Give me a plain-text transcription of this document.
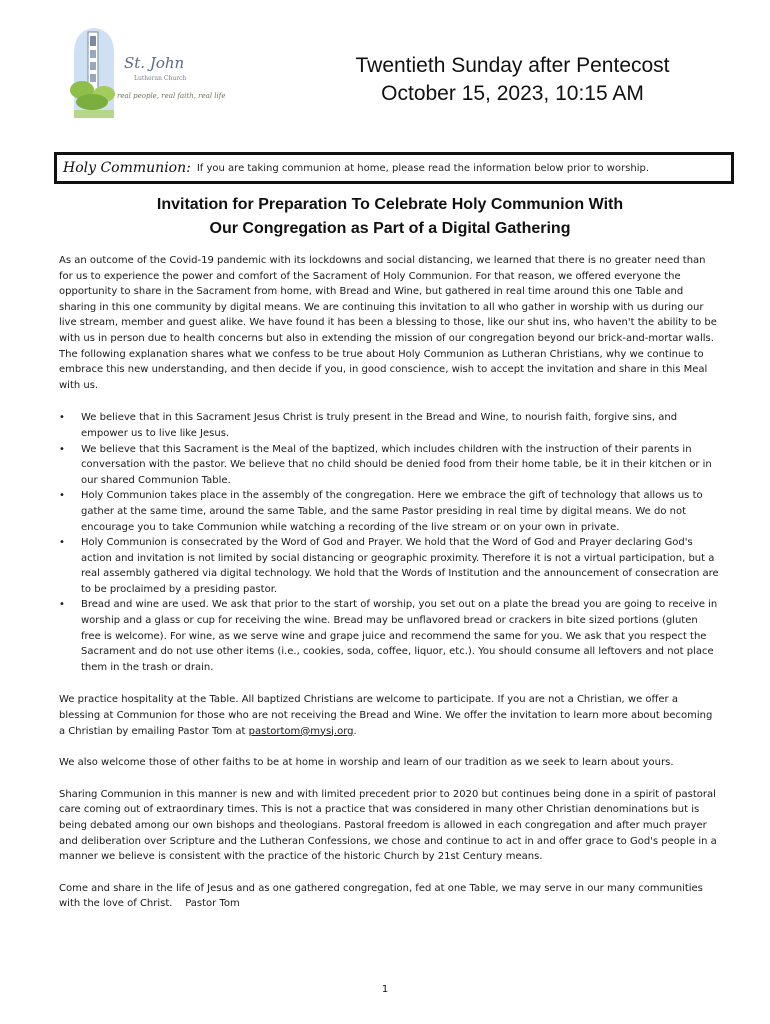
St. John
Lutheran Church
real people, real faith, real life
Twentieth Sunday after Pentecost
October 15, 2023, 10:15 AM
Holy Communion: If you are taking communion at home, please read the information below prior to worship.
Invitation for Preparation To Celebrate Holy Communion With
Our Congregation as Part of a Digital Gathering

As an outcome of the Covid-19 pandemic with its lockdowns and social distancing, we learned that there is no greater need than for us to experience the power and comfort of the Sacrament of Holy Communion. For that reason, we offered everyone the opportunity to share in the Sacrament from home, with Bread and Wine, but gathered in real time around this one Table and sharing in this one community by digital means. We are continuing this invitation to all who gather in worship with us during our live stream, member and guest alike. We have found it has been a blessing to those, like our shut ins, who haven't the ability to be with us in person due to health concerns but also in extending the mission of our congregation beyond our brick-and-mortar walls. The following explanation shares what we confess to be true about Holy Communion as Lutheran Christians, why we continue to embrace this new understanding, and then decide if you, in good conscience, wish to accept the invitation and share in this Meal with us.

• We believe that in this Sacrament Jesus Christ is truly present in the Bread and Wine, to nourish faith, forgive sins, and empower us to live like Jesus.
• We believe that this Sacrament is the Meal of the baptized, which includes children with the instruction of their parents in conversation with the pastor. We believe that no child should be denied food from their home table, be it in their kitchen or in our shared Communion Table.
• Holy Communion takes place in the assembly of the congregation. Here we embrace the gift of technology that allows us to gather at the same time, around the same Table, and the same Pastor presiding in real time by digital means. We do not encourage you to take Communion while watching a recording of the live stream or on your own in private.
• Holy Communion is consecrated by the Word of God and Prayer. We hold that the Word of God and Prayer declaring God's action and invitation is not limited by social distancing or geographic proximity. Therefore it is not a virtual participation, but a real assembly gathered via digital technology. We hold that the Words of Institution and the announcement of consecration are to be proclaimed by a presiding pastor.
• Bread and wine are used. We ask that prior to the start of worship, you set out on a plate the bread you are going to receive in worship and a glass or cup for receiving the wine. Bread may be unflavored bread or crackers in bite sized portions (gluten free is welcome). For wine, as we serve wine and grape juice and recommend the same for you. We ask that you respect the Sacrament and do not use other items (i.e., cookies, soda, coffee, liquor, etc.). You should consume all leftovers and not place them in the trash or drain.

We practice hospitality at the Table. All baptized Christians are welcome to participate. If you are not a Christian, we offer a blessing at Communion for those who are not receiving the Bread and Wine. We offer the invitation to learn more about becoming a Christian by emailing Pastor Tom at pastortom@mysj.org.

We also welcome those of other faiths to be at home in worship and learn of our tradition as we seek to learn about yours.

Sharing Communion in this manner is new and with limited precedent prior to 2020 but continues being done in a spirit of pastoral care coming out of extraordinary times. This is not a practice that was considered in many other Christian denominations but is being debated among our own bishops and theologians. Pastoral freedom is allowed in each congregation and after much prayer and deliberation over Scripture and the Lutheran Confessions, we chose and continue to act in and offer grace to God's people in a manner we believe is consistent with the practice of the historic Church by 21st Century means.

Come and share in the life of Jesus and as one gathered congregation, fed at one Table, we may serve in our many communities with the love of Christ. Pastor Tom

1
